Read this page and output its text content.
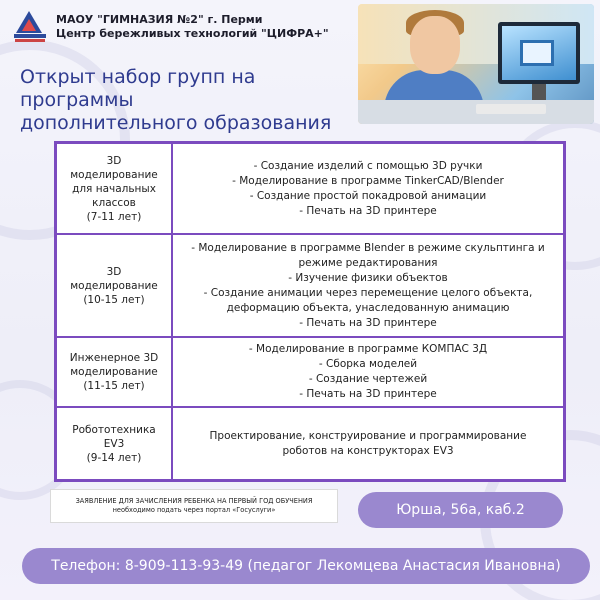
МАОУ "ГИМНАЗИЯ №2" г. Перми
Центр бережливых технологий "ЦИФРА+"
Открыт набор групп на программы
дополнительного образования
3D
моделирование
для начальных
классов
(7-11 лет)
- Создание изделий с помощью 3D ручки
- Моделирование в программе TinkerCAD/Blender
- Создание простой покадровой анимации
- Печать на 3D принтере
3D
моделирование
(10-15 лет)
- Моделирование в программе Blender в режиме скульптинга и
режиме редактирования
- Изучение физики объектов
- Создание анимации через перемещение целого объекта,
деформацию объекта, унаследованную анимацию
- Печать на 3D принтере
Инженерное 3D
моделирование
(11-15 лет)
- Моделирование в программе КОМПАС 3Д
- Сборка моделей
- Создание чертежей
- Печать на 3D принтере
Робототехника
EV3
(9-14 лет)
Проектирование, конструирование и программирование
роботов на конструкторах EV3
ЗАЯВЛЕНИЕ ДЛЯ ЗАЧИСЛЕНИЯ РЕБЕНКА НА ПЕРВЫЙ ГОД ОБУЧЕНИЯ
необходимо подать через портал «Госуслуги»	Юрша, 56а, каб.2
Телефон: 8-909-113-93-49 (педагог Лекомцева Анастасия Ивановна)
